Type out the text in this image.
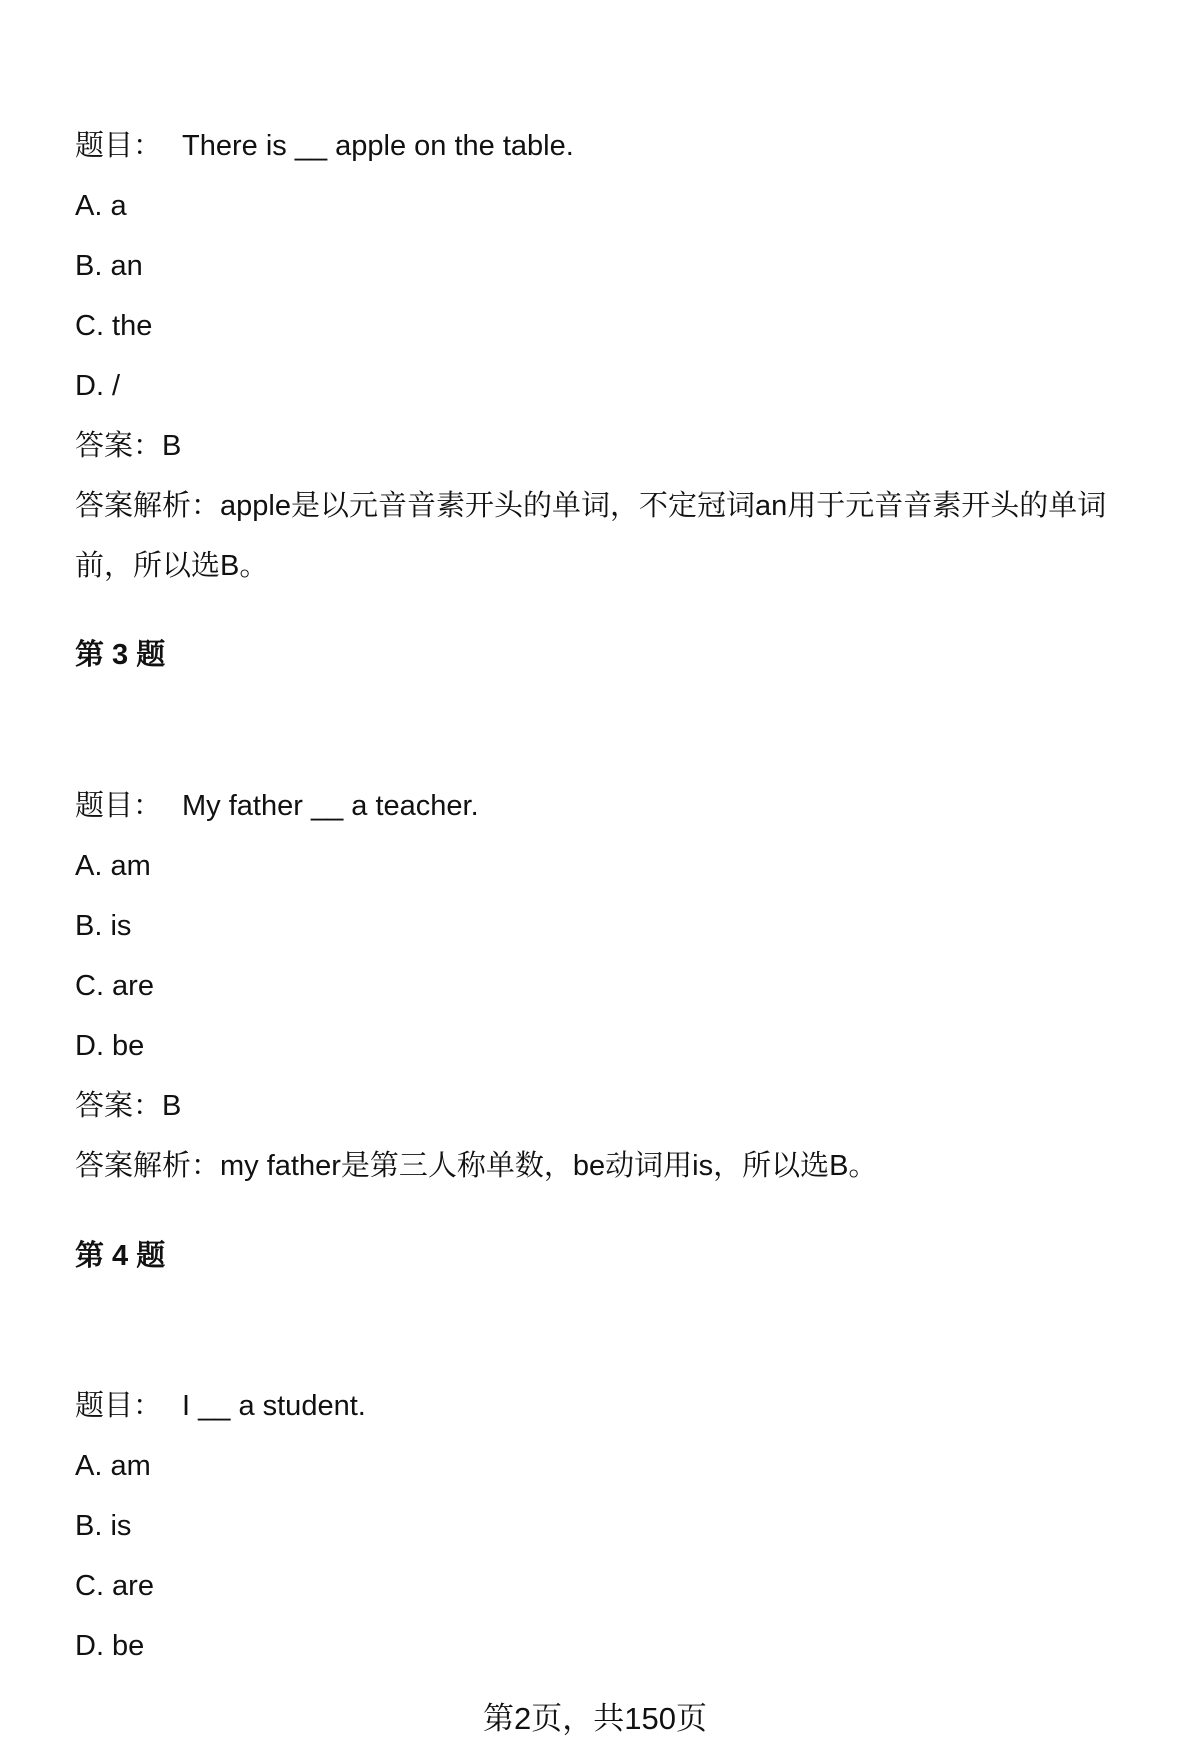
题目： There is __ apple on the table.
A. a
B. an
C. the
D. /
答案：B
答案解析：apple是以元音音素开头的单词，不定冠词an用于元音音素开头的单词
前，所以选B。
第 3 题
题目： My father __ a teacher.
A. am
B. is
C. are
D. be
答案：B
答案解析：my father是第三人称单数，be动词用is，所以选B。
第 4 题
题目： I __ a student.
A. am
B. is
C. are
D. be
第2页，共150页
